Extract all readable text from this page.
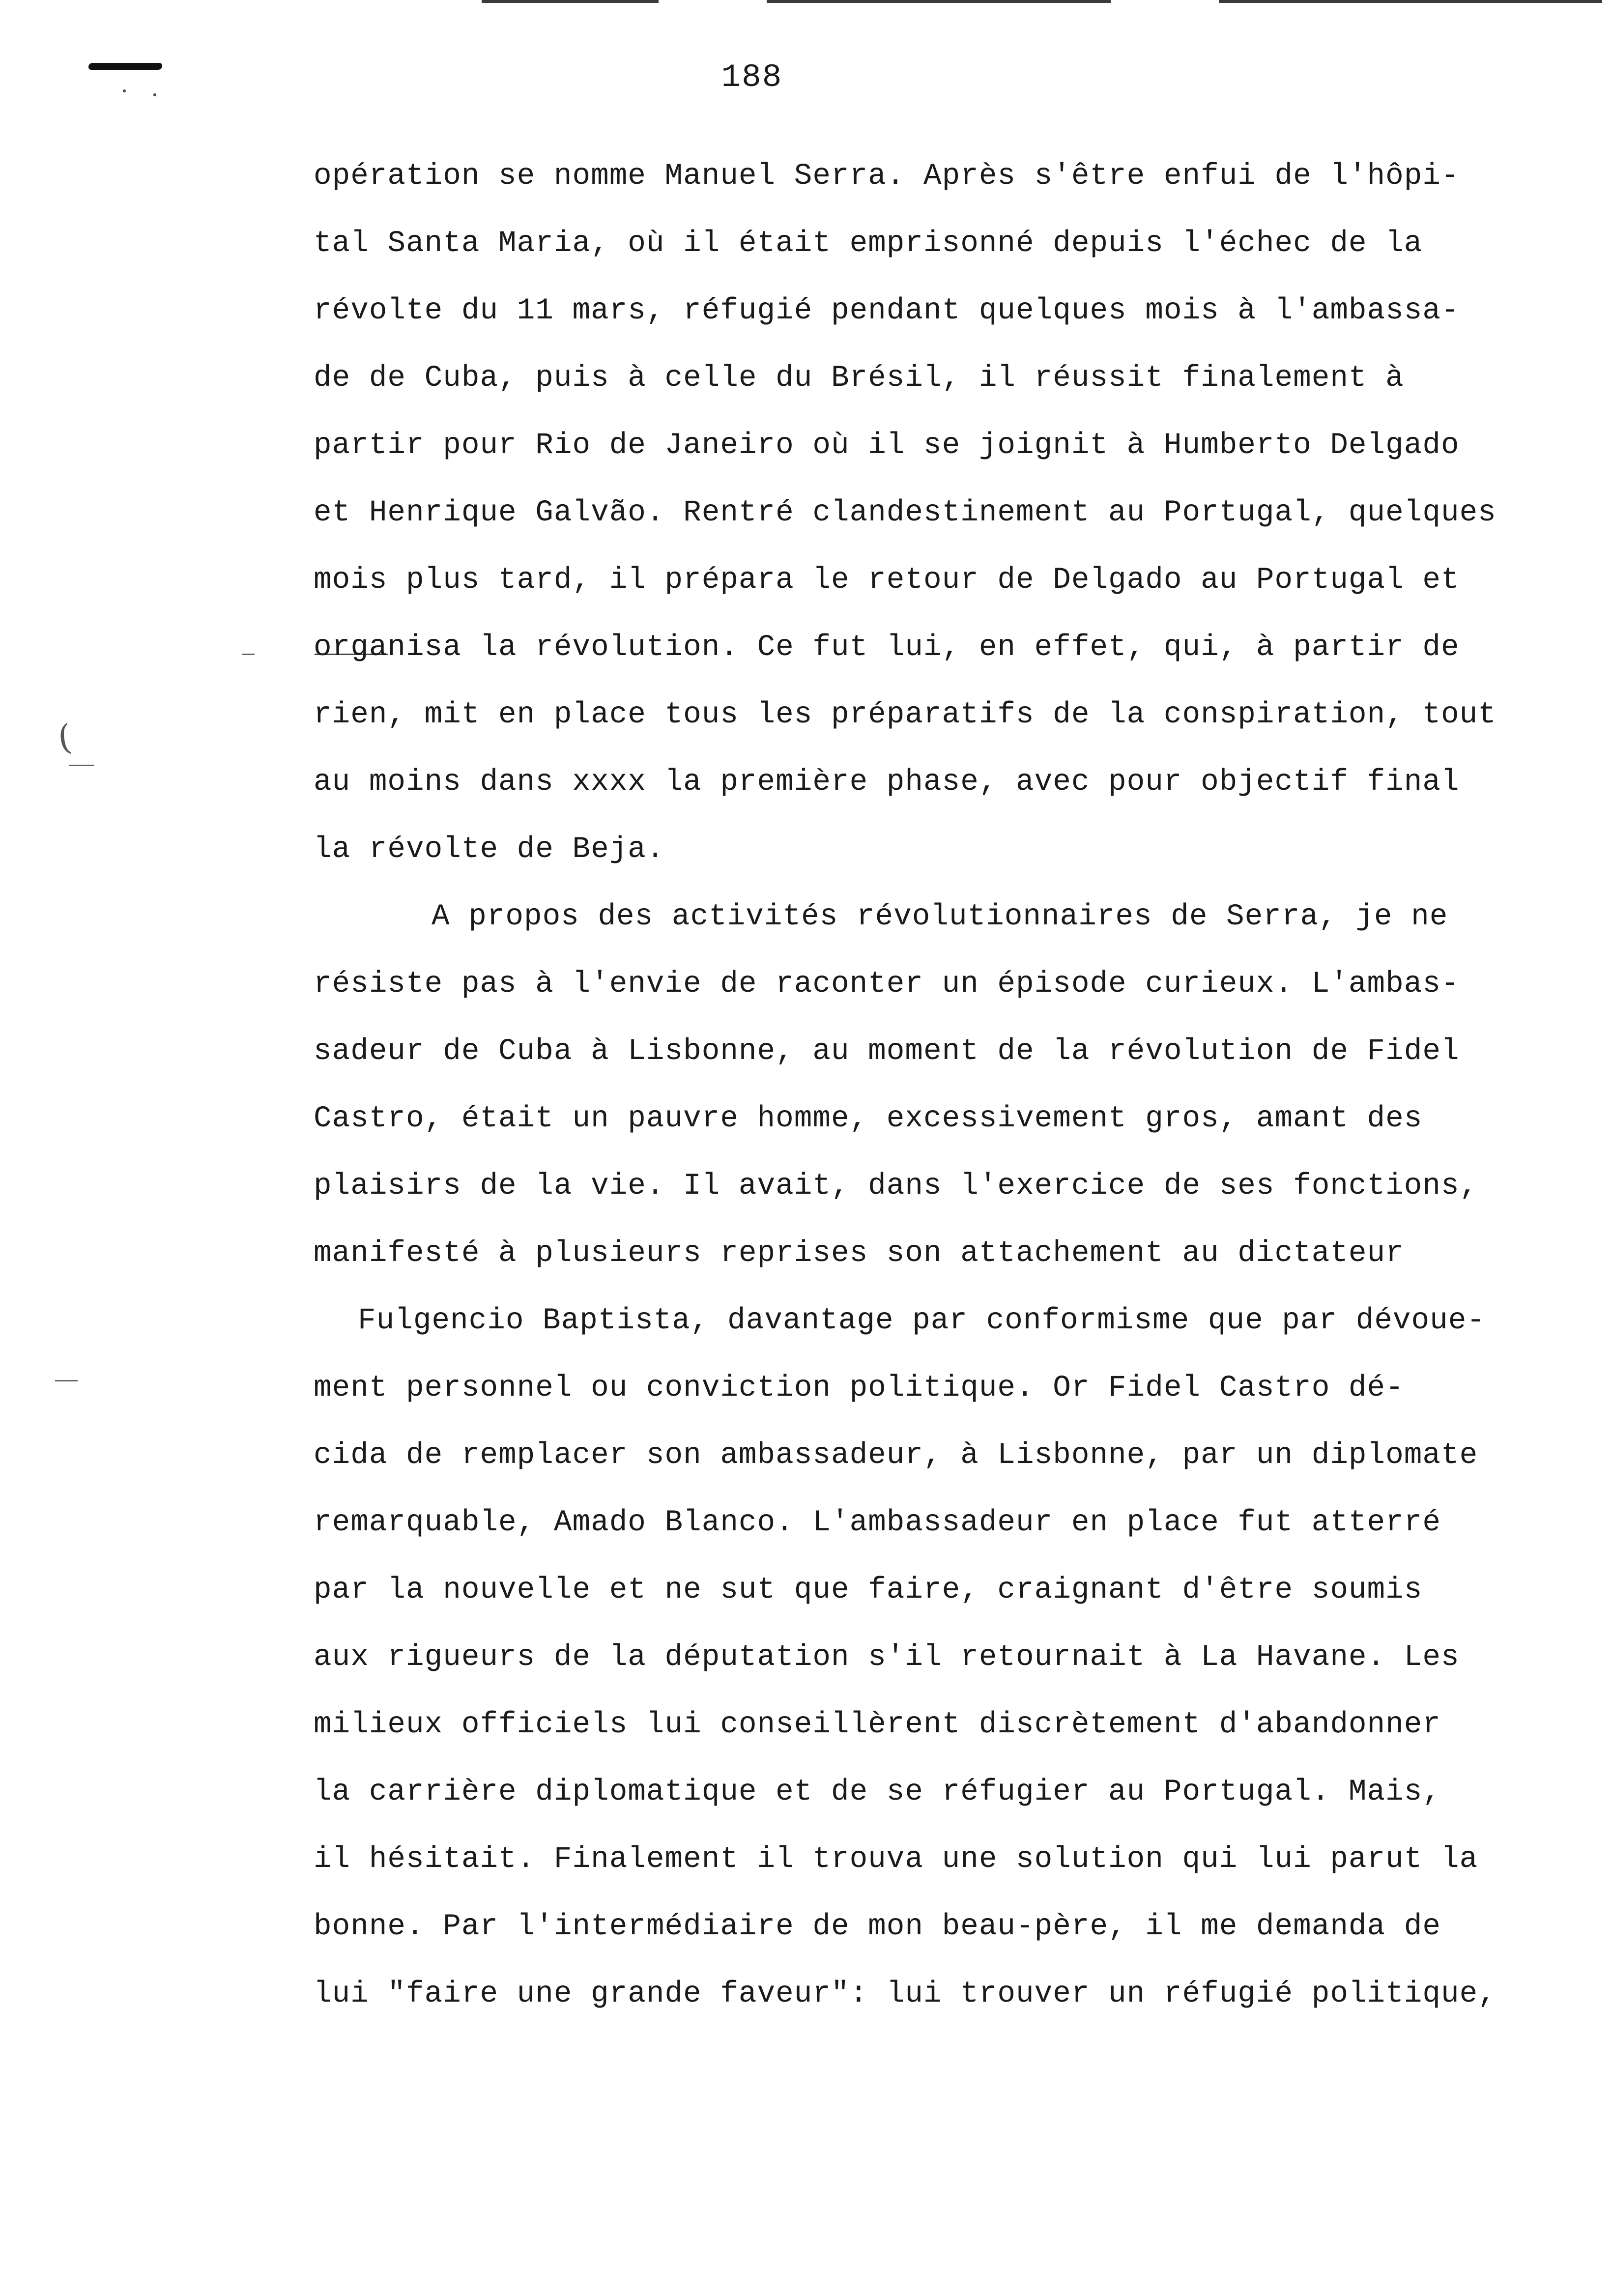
(
188
opération se nomme Manuel Serra. Après s'être enfui de l'hôpi-
tal Santa Maria, où il était emprisonné depuis l'échec de la
révolte du 11 mars, réfugié pendant quelques mois à l'ambassa-
de de Cuba, puis à celle du Brésil, il réussit finalement à
partir pour Rio de Janeiro où il se joignit à Humberto Delgado
et Henrique Galvão. Rentré clandestinement au Portugal, quelques
mois plus tard, il prépara le retour de Delgado au Portugal et
organisa la révolution. Ce fut lui, en effet, qui, à partir de
rien, mit en place tous les préparatifs de la conspiration, tout
au moins dans xxxx la première phase, avec pour objectif final
la révolte de Beja.
A propos des activités révolutionnaires de Serra, je ne
résiste pas à l'envie de raconter un épisode curieux. L'ambas-
sadeur de Cuba à Lisbonne, au moment de la révolution de Fidel
Castro, était un pauvre homme, excessivement gros, amant des
plaisirs de la vie. Il avait, dans l'exercice de ses fonctions,
manifesté à plusieurs reprises son attachement au dictateur
Fulgencio Baptista, davantage par conformisme que par dévoue-
ment personnel ou conviction politique. Or Fidel Castro dé-
cida de remplacer son ambassadeur, à Lisbonne, par un diplomate
remarquable, Amado Blanco. L'ambassadeur en place fut atterré
par la nouvelle et ne sut que faire, craignant d'être soumis
aux rigueurs de la députation s'il retournait à La Havane. Les
milieux officiels lui conseillèrent discrètement d'abandonner
la carrière diplomatique et de se réfugier au Portugal. Mais,
il hésitait. Finalement il trouva une solution qui lui parut la
bonne. Par l'intermédiaire de mon beau-père, il me demanda de
lui "faire une grande faveur": lui trouver un réfugié politique,
